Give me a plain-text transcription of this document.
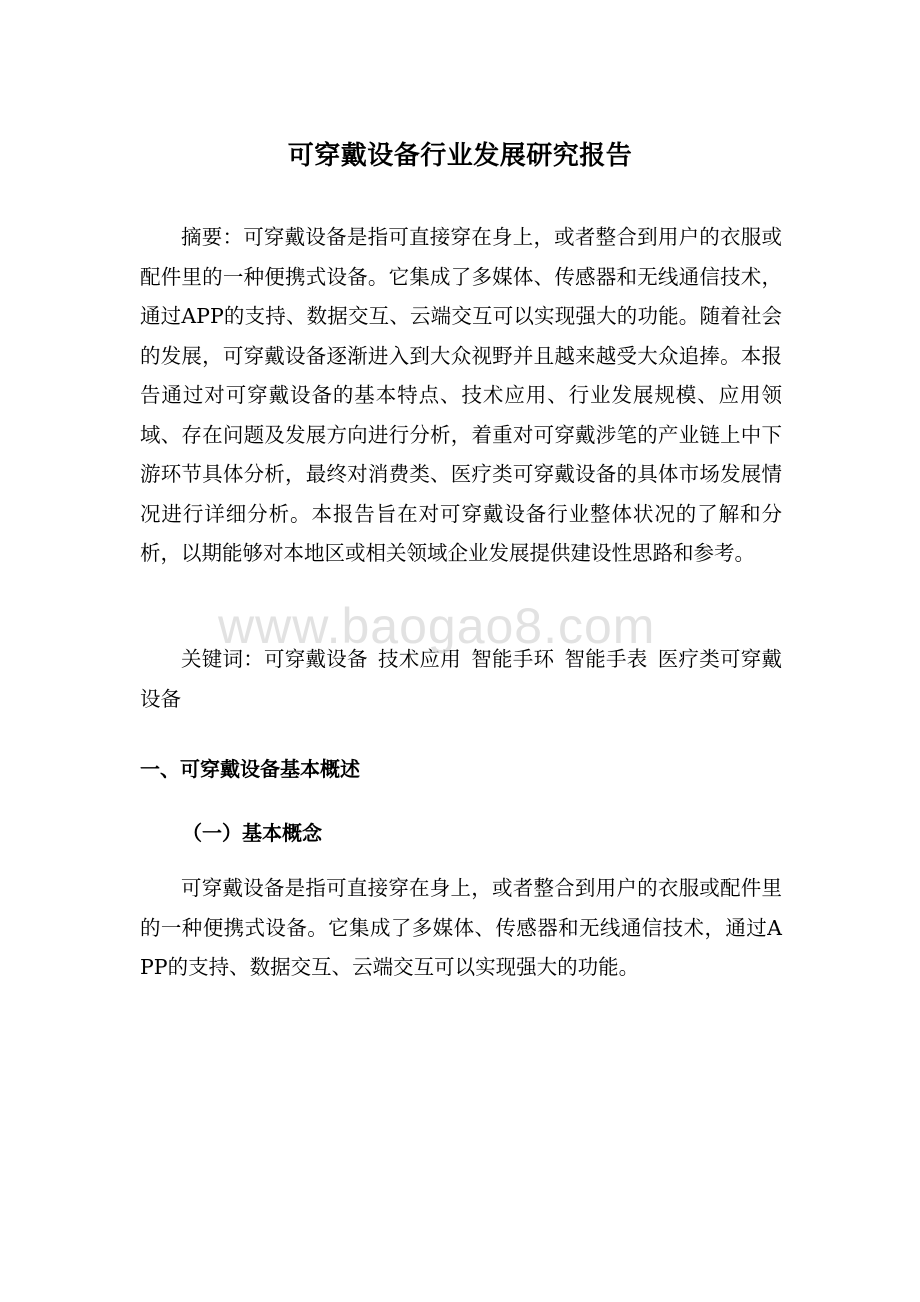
可穿戴设备行业发展研究报告
摘要：可穿戴设备是指可直接穿在身上，或者整合到用户的衣服或配件里的一种便携式设备。它集成了多媒体、传感器和无线通信技术，通过APP的支持、数据交互、云端交互可以实现强大的功能。随着社会的发展，可穿戴设备逐渐进入到大众视野并且越来越受大众追捧。本报告通过对可穿戴设备的基本特点、技术应用、行业发展规模、应用领域、存在问题及发展方向进行分析，着重对可穿戴涉笔的产业链上中下游环节具体分析，最终对消费类、医疗类可穿戴设备的具体市场发展情况进行详细分析。本报告旨在对可穿戴设备行业整体状况的了解和分析，以期能够对本地区或相关领域企业发展提供建设性思路和参考。
关键词：可穿戴设备 技术应用 智能手环 智能手表 医疗类可穿戴设备
一、可穿戴设备基本概述
（一）基本概念
可穿戴设备是指可直接穿在身上，或者整合到用户的衣服或配件里的一种便携式设备。它集成了多媒体、传感器和无线通信技术，通过APP的支持、数据交互、云端交互可以实现强大的功能。
www.baogao8.com
